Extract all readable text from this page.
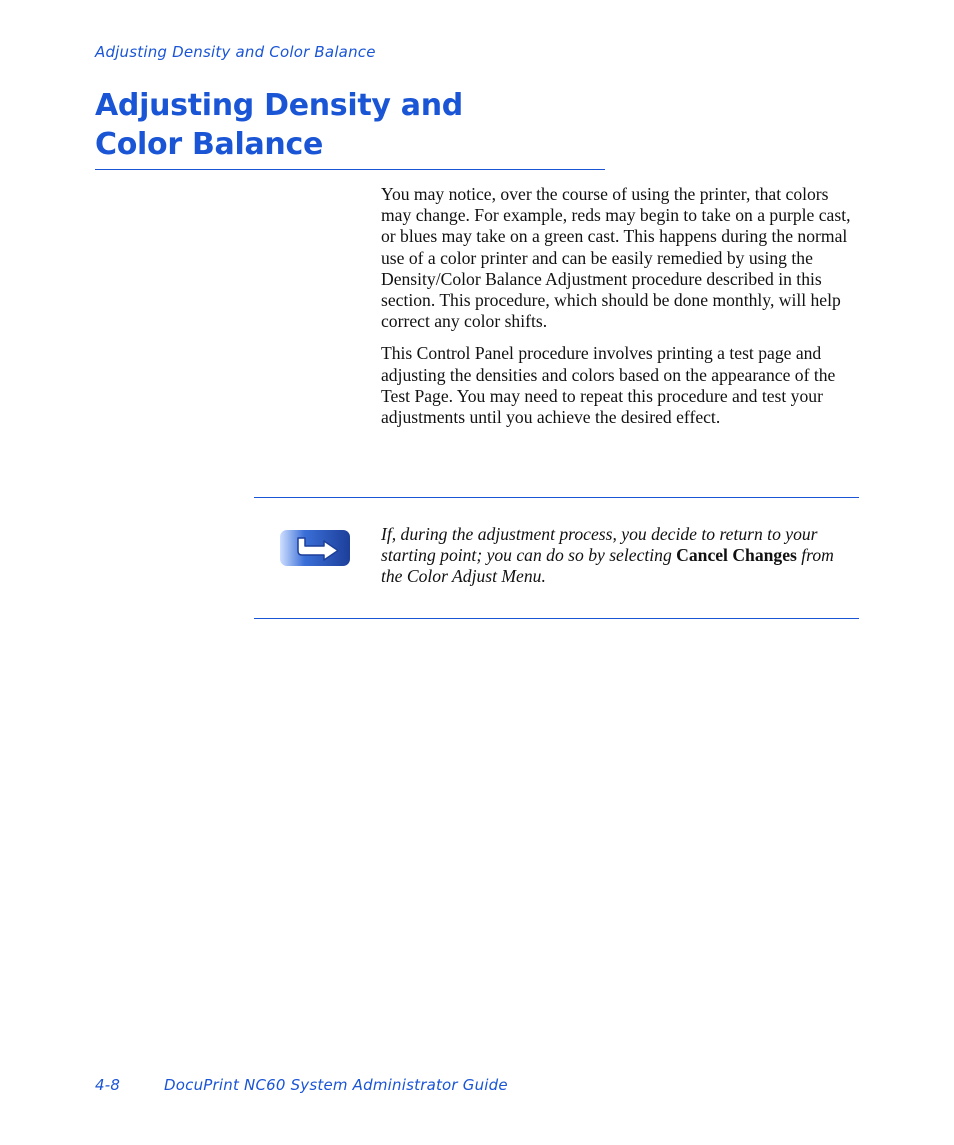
Adjusting Density and Color Balance
Adjusting Density and
Color Balance

You may notice, over the course of using the printer, that colors may change. For example, reds may begin to take on a purple cast, or blues may take on a green cast. This happens during the normal use of a color printer and can be easily remedied by using the Density/Color Balance Adjustment procedure described in this section. This procedure, which should be done monthly, will help correct any color shifts.

This Control Panel procedure involves printing a test page and adjusting the densities and colors based on the appearance of the Test Page. You may need to repeat this procedure and test your adjustments until you achieve the desired effect.

If, during the adjustment process, you decide to return to your starting point; you can do so by selecting Cancel Changes from the Color Adjust Menu.

4-8	DocuPrint NC60 System Administrator Guide
